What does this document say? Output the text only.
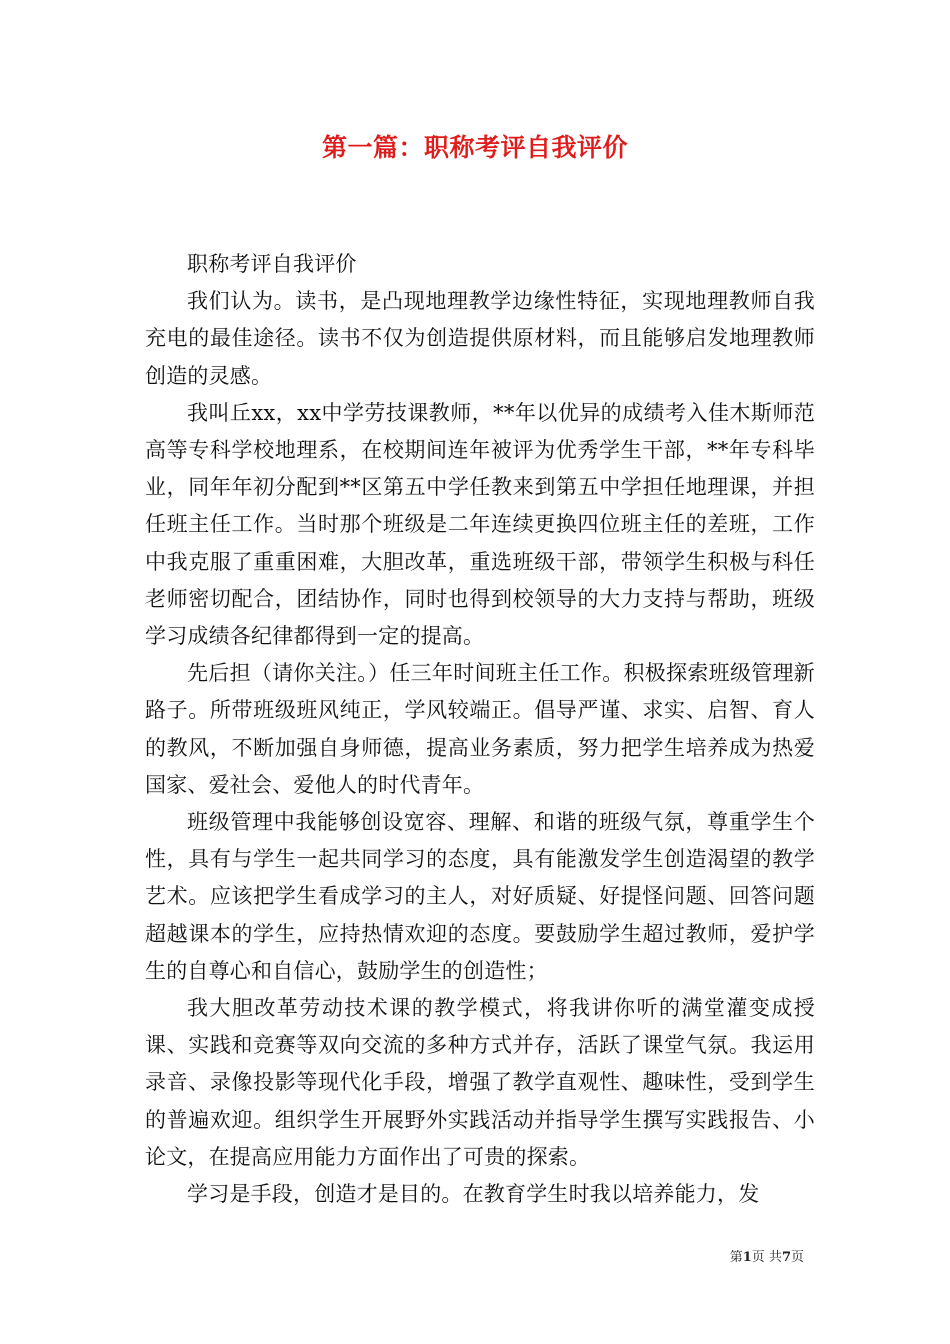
第一篇：职称考评自我评价

职称考评自我评价

我们认为。读书，是凸现地理教学边缘性特征，实现地理教师自我充电的最佳途径。读书不仅为创造提供原材料，而且能够启发地理教师创造的灵感。

我叫丘xx，xx中学劳技课教师，**年以优异的成绩考入佳木斯师范高等专科学校地理系，在校期间连年被评为优秀学生干部，**年专科毕业，同年年初分配到**区第五中学任教来到第五中学担任地理课，并担任班主任工作。当时那个班级是二年连续更换四位班主任的差班，工作中我克服了重重困难，大胆改革，重选班级干部，带领学生积极与科任老师密切配合，团结协作，同时也得到校领导的大力支持与帮助，班级学习成绩各纪律都得到一定的提高。

先后担（请你关注。）任三年时间班主任工作。积极探索班级管理新路子。所带班级班风纯正，学风较端正。倡导严谨、求实、启智、育人的教风，不断加强自身师德，提高业务素质，努力把学生培养成为热爱国家、爱社会、爱他人的时代青年。

班级管理中我能够创设宽容、理解、和谐的班级气氛，尊重学生个性，具有与学生一起共同学习的态度，具有能激发学生创造渴望的教学艺术。应该把学生看成学习的主人，对好质疑、好提怪问题、回答问题超越课本的学生，应持热情欢迎的态度。要鼓励学生超过教师，爱护学生的自尊心和自信心，鼓励学生的创造性；

我大胆改革劳动技术课的教学模式，将我讲你听的满堂灌变成授课、实践和竞赛等双向交流的多种方式并存，活跃了课堂气氛。我运用录音、录像投影等现代化手段，增强了教学直观性、趣味性，受到学生的普遍欢迎。组织学生开展野外实践活动并指导学生撰写实践报告、小论文，在提高应用能力方面作出了可贵的探索。

学习是手段，创造才是目的。在教育学生时我以培养能力，发

第1页 共7页
